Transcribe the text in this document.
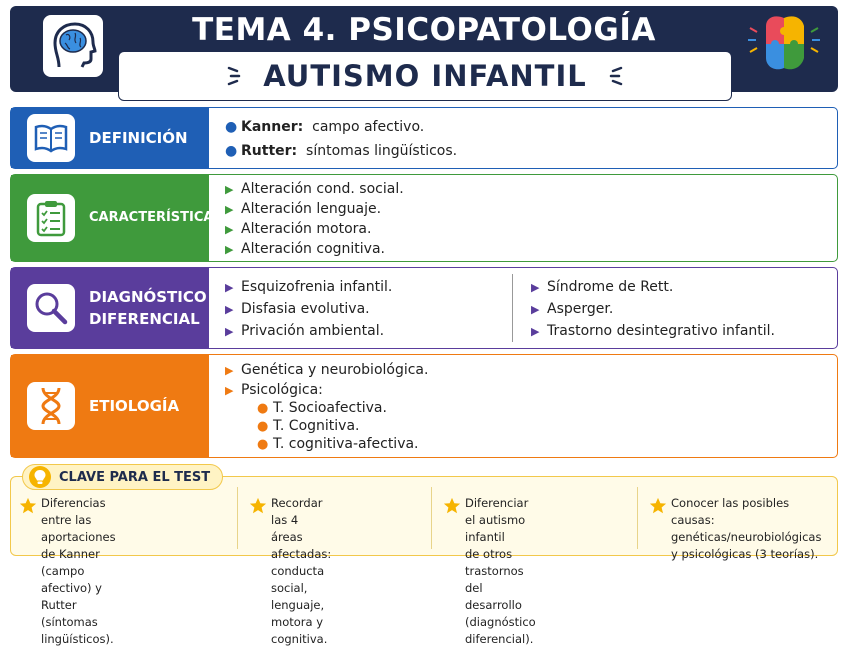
TEMA 4. PSICOPATOLOGÍA
AUTISMO INFANTIL
DEFINICIÓN
● Kanner: campo afectivo.
● Rutter: síntomas lingüísticos.
CARACTERÍSTICAS
▶ Alteración cond. social.
▶ Alteración lenguaje.
▶ Alteración motora.
▶ Alteración cognitiva.
DIAGNÓSTICO
DIFERENCIAL
▶ Esquizofrenia infantil.
▶ Disfasia evolutiva.
▶ Privación ambiental.
▶ Síndrome de Rett.
▶ Asperger.
▶ Trastorno desintegrativo infantil.
ETIOLOGÍA
▶ Genética y neurobiológica.
▶ Psicológica:
● T. Socioafectiva.
● T. Cognitiva.
● T. cognitiva-afectiva.
Diferencias entre las aportaciones
de Kanner (campo afectivo) y
Rutter (síntomas lingüísticos).
Recordar las 4 áreas afectadas:
conducta social, lenguaje,
motora y cognitiva.
Diferenciar el autismo infantil
de otros trastornos del desarrollo
(diagnóstico diferencial).
Conocer las posibles causas:
genéticas/neurobiológicas
y psicológicas (3 teorías).
CLAVE PARA EL TEST
